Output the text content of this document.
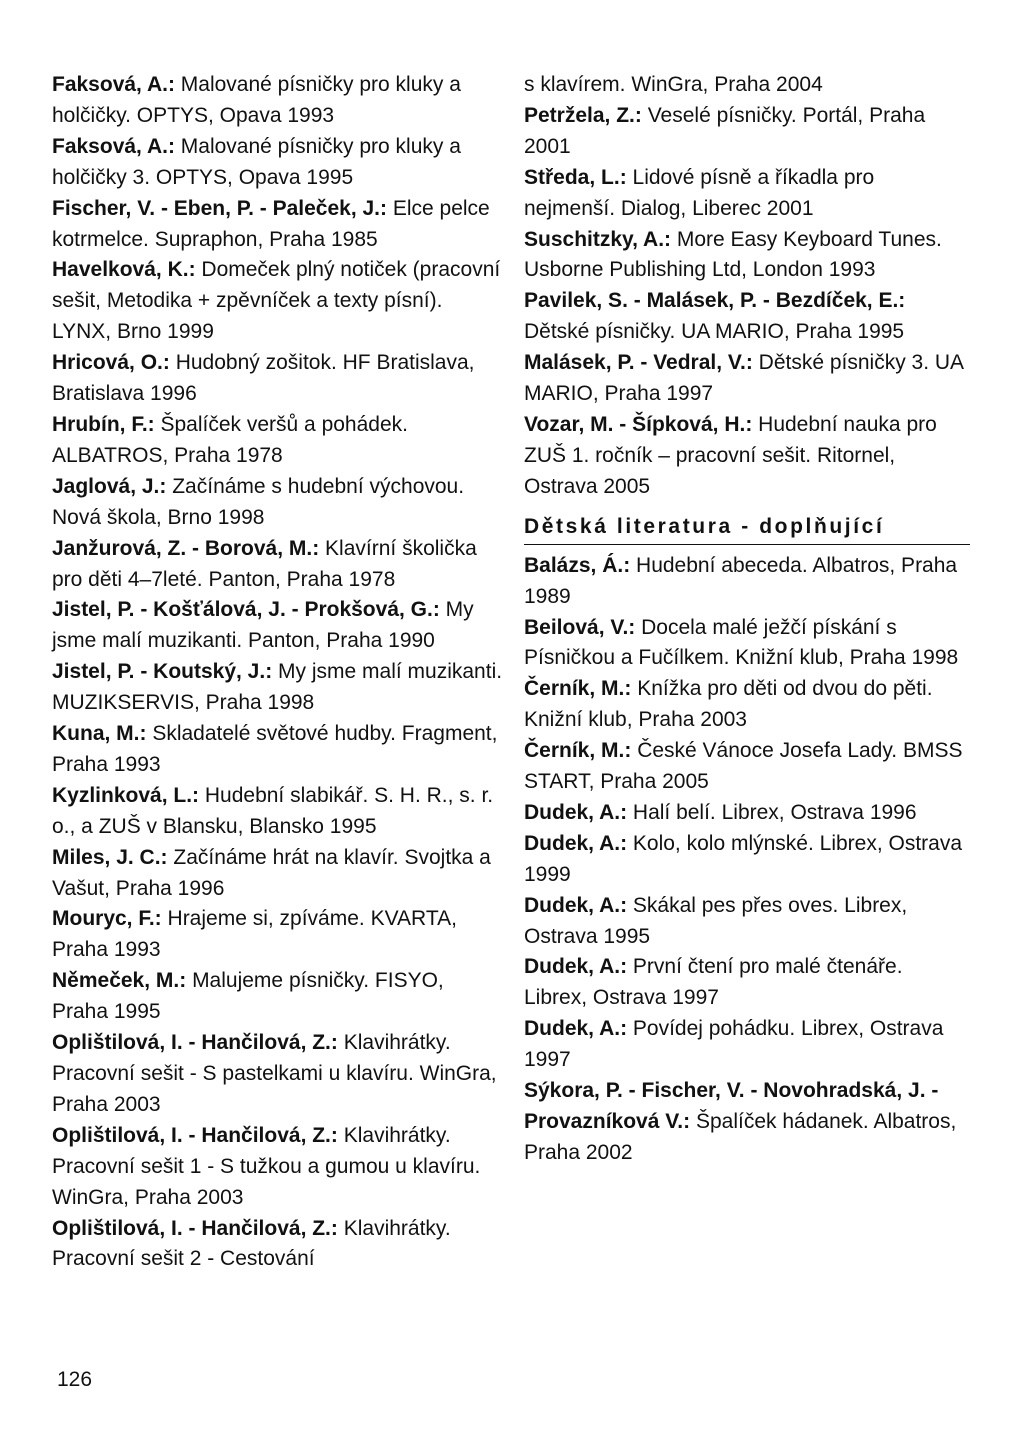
Faksová, A.: Malované písničky pro kluky a holčičky. OPTYS, Opava 1993
Faksová, A.: Malované písničky pro kluky a holčičky 3. OPTYS, Opava 1995
Fischer, V. - Eben, P. - Paleček, J.: Elce pelce kotrmelce. Supraphon, Praha 1985
Havelková, K.: Domeček plný notiček (pracovní sešit, Metodika + zpěvníček a texty písní). LYNX, Brno 1999
Hricová, O.: Hudobný zošitok. HF Bratislava, Bratislava 1996
Hrubín, F.: Špalíček veršů a pohádek. ALBATROS, Praha 1978
Jaglová, J.: Začínáme s hudební výchovou. Nová škola, Brno 1998
Janžurová, Z. - Borová, M.: Klavírní školička pro děti 4–7leté. Panton, Praha 1978
Jistel, P. - Košťálová, J. - Prokšová, G.: My jsme malí muzikanti. Panton, Praha 1990
Jistel, P. - Koutský, J.: My jsme malí muzikanti. MUZIKSERVIS, Praha 1998
Kuna, M.: Skladatelé světové hudby. Fragment, Praha 1993
Kyzlinková, L.: Hudební slabikář. S. H. R., s. r. o., a ZUŠ v Blansku, Blansko 1995
Miles, J. C.: Začínáme hrát na klavír. Svojtka a Vašut, Praha 1996
Mouryc, F.: Hrajeme si, zpíváme. KVARTA, Praha 1993
Němeček, M.: Malujeme písničky. FISYO, Praha 1995
Oplištilová, I. - Hančilová, Z.: Klavihrátky. Pracovní sešit - S pastelkami u klavíru. WinGra, Praha 2003
Oplištilová, I. - Hančilová, Z.: Klavihrátky. Pracovní sešit 1 - S tužkou a gumou u klavíru. WinGra, Praha 2003
Oplištilová, I. - Hančilová, Z.: Klavihrátky. Pracovní sešit 2 - Cestování
s klavírem. WinGra, Praha 2004
Petržela, Z.: Veselé písničky. Portál, Praha 2001
Středa, L.: Lidové písně a říkadla pro nejmenší. Dialog, Liberec 2001
Suschitzky, A.: More Easy Keyboard Tunes. Usborne Publishing Ltd, London 1993
Pavilek, S. - Malásek, P. - Bezdíček, E.: Dětské písničky. UA MARIO, Praha 1995
Malásek, P. - Vedral, V.: Dětské písničky 3. UA MARIO, Praha 1997
Vozar, M. - Šípková, H.: Hudební nauka pro ZUŠ 1. ročník – pracovní sešit. Ritornel, Ostrava 2005
Dětská literatura - doplňující
Balázs, Á.: Hudební abeceda. Albatros, Praha 1989
Beilová, V.: Docela malé ježčí pískání s Písničkou a Fučílkem. Knižní klub, Praha 1998
Černík, M.: Knížka pro děti od dvou do pěti. Knižní klub, Praha 2003
Černík, M.: České Vánoce Josefa Lady. BMSS START, Praha 2005
Dudek, A.: Halí belí. Librex, Ostrava 1996
Dudek, A.: Kolo, kolo mlýnské. Librex, Ostrava 1999
Dudek, A.: Skákal pes přes oves. Librex, Ostrava 1995
Dudek, A.: První čtení pro malé čtenáře. Librex, Ostrava 1997
Dudek, A.: Povídej pohádku. Librex, Ostrava 1997
Sýkora, P. - Fischer, V. - Novohradská, J. - Provazníková V.: Špalíček hádanek. Albatros, Praha 2002
126
